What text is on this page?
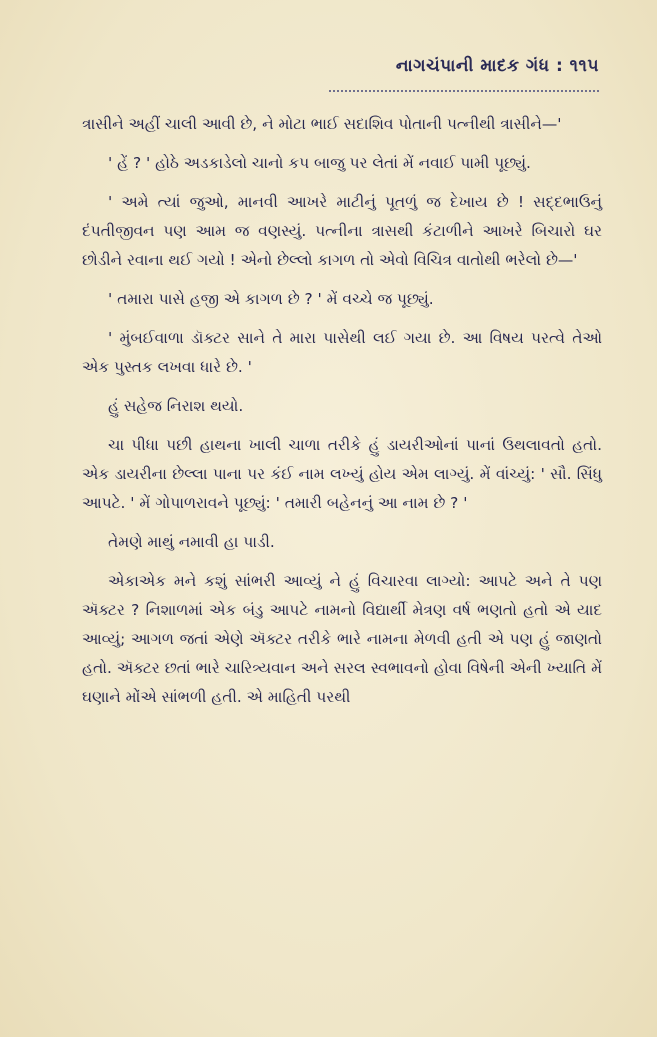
નાગચંપાની માદક ગંધ : ૧૧૫

ત્રાસીને અહીં ચાલી આવી છે, ને મોટા ભાઈ સદાશિવ પોતાની પત્નીથી ત્રાસીને—'

' હેં ? ' હોઠે અડકાડેલો ચાનો કપ બાજુ પર લેતાં મેં નવાઈ પામી પૂછ્યું.

' અમે ત્યાં જુઓ, માનવી આખરે માટીનું પૂતળું જ દેખાય છે ! સદ્દભાઉનું દંપતીજીવન પણ આમ જ વણસ્યું. પત્નીના ત્રાસથી કંટાળીને આખરે બિચારો ઘર છોડીને રવાના થઈ ગયો ! એનો છેલ્લો કાગળ તો એવો વિચિત્ર વાતોથી ભરેલો છે—'

' તમારા પાસે હજી એ કાગળ છે ? ' મેં વચ્ચે જ પૂછ્યું.

' મુંબઈવાળા ડૉક્ટર સાને તે મારા પાસેથી લઈ ગયા છે. આ વિષય પરત્વે તેઓ એક પુસ્તક લખવા ધારે છે. '

હું સહેજ નિરાશ થયો.

ચા પીધા પછી હાથના ખાલી ચાળા તરીકે હું ડાયરીઓનાં પાનાં ઉથલાવતો હતો. એક ડાયરીના છેલ્લા પાના પર કંઈ નામ લખ્યું હોય એમ લાગ્યું. મેં વાંચ્યું: ' સૌ. સિંધુ આપટે. ' મેં ગોપાળરાવને પૂછ્યું: ' તમારી બહેનનું આ નામ છે ? '

તેમણે માથું નમાવી હા પાડી.

એકાએક મને કશું સાંભરી આવ્યું ને હું વિચારવા લાગ્યો: આપટે અને તે પણ ઍક્ટર ? નિશાળમાં એક બંડુ આપટે નામનો વિદ્યાર્થી મેત્રણ વર્ષ ભણતો હતો એ યાદ આવ્યું; આગળ જતાં એણે ઍક્ટર તરીકે ભારે નામના મેળવી હતી એ પણ હું જાણતો હતો. ઍક્ટર છતાં ભારે ચારિત્ર્યવાન અને સરલ સ્વભાવનો હોવા વિષેની એની ખ્યાતિ મેં ઘણાને મોંએ સાંભળી હતી. એ માહિતી પરથી
